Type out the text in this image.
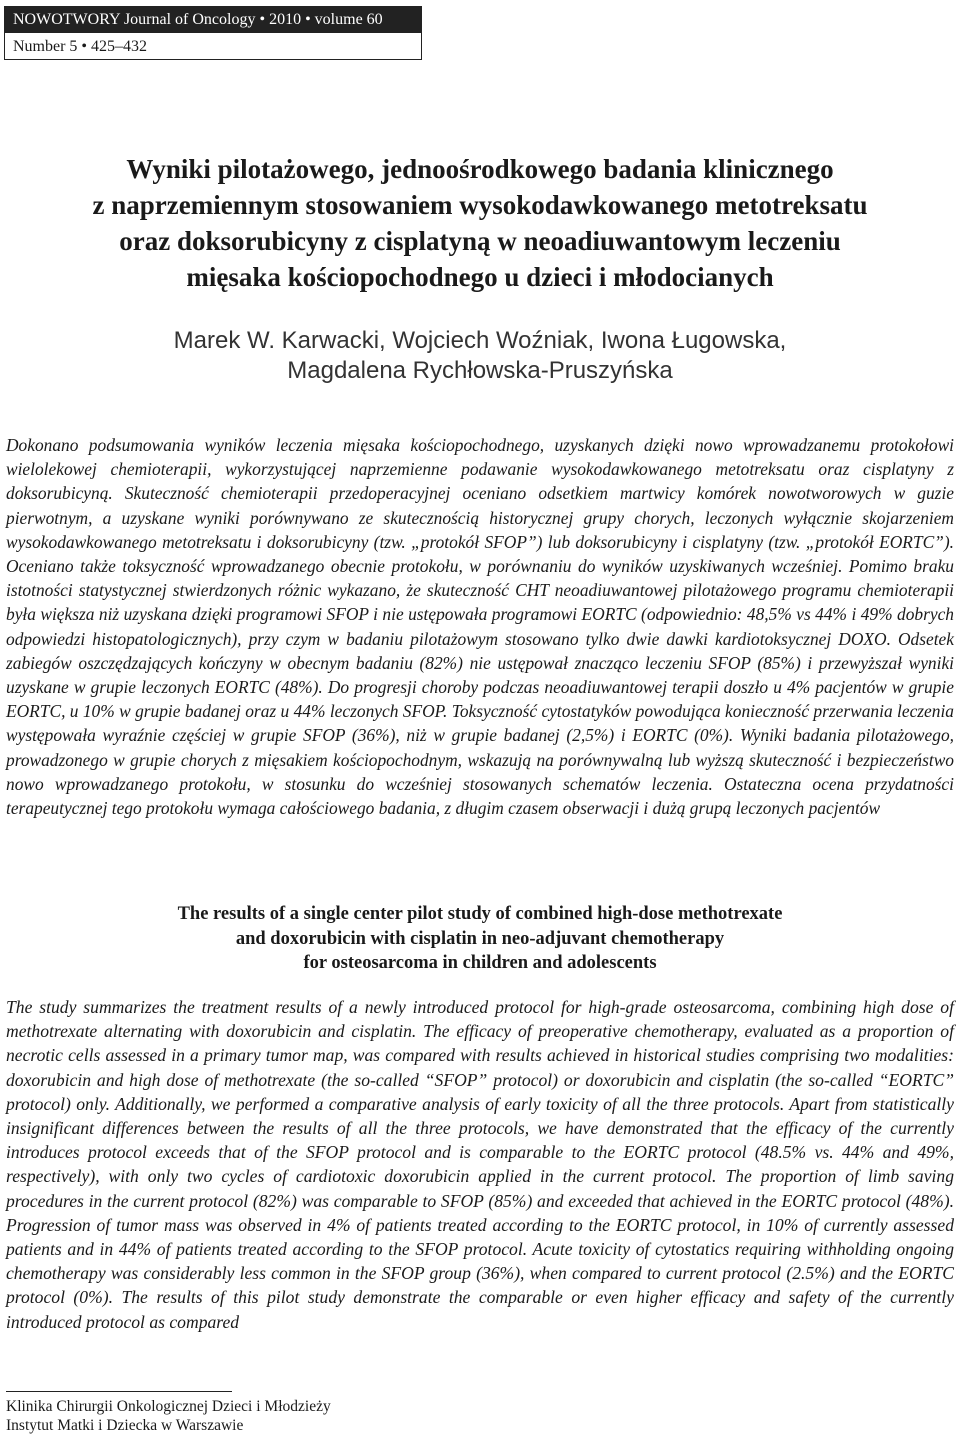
NOWOTWORY Journal of Oncology • 2010 • volume 60
Number 5 • 425–432
Wyniki pilotażowego, jednoośrodkowego badania klinicznego
z naprzemiennym stosowaniem wysokodawkowanego metotreksatu
oraz doksorubicyny z cisplatyną w neoadiuwantowym leczeniu
mięsaka kościopochodnego u dzieci i młodocianych
Marek W. Karwacki, Wojciech Woźniak, Iwona Ługowska,
Magdalena Rychłowska-Pruszyńska

Dokonano podsumowania wyników leczenia mięsaka kościopochodnego, uzyskanych dzięki nowo wprowadzanemu protokołowi wielolekowej chemioterapii, wykorzystującej naprzemienne podawanie wysokodawkowanego metotreksatu oraz cisplatyny z doksorubicyną. Skuteczność chemioterapii przedoperacyjnej oceniano odsetkiem martwicy komórek nowotworowych w guzie pierwotnym, a uzyskane wyniki porównywano ze skutecznością historycznej grupy chorych, leczonych wyłącznie skojarzeniem wysokodawkowanego metotreksatu i doksorubicyny (tzw. „protokół SFOP”) lub doksorubicyny i cisplatyny (tzw. „protokół EORTC”). Oceniano także toksyczność wprowadzanego obecnie protokołu, w porównaniu do wyników uzyskiwanych wcześniej. Pomimo braku istotności statystycznej stwierdzonych różnic wykazano, że skuteczność CHT neoadiuwantowej pilotażowego programu chemioterapii była większa niż uzyskana dzięki programowi SFOP i nie ustępowała programowi EORTC (odpowiednio: 48,5% vs 44% i 49% dobrych odpowiedzi histopatologicznych), przy czym w badaniu pilotażowym stosowano tylko dwie dawki kardiotoksycznej DOXO. Odsetek zabiegów oszczędzających kończyny w obecnym badaniu (82%) nie ustępował znacząco leczeniu SFOP (85%) i przewyższał wyniki uzyskane w grupie leczonych EORTC (48%). Do progresji choroby podczas neoadiuwantowej terapii doszło u 4% pacjentów w grupie EORTC, u 10% w grupie badanej oraz u 44% leczonych SFOP. Toksyczność cytostatyków powodująca konieczność przerwania leczenia występowała wyraźnie częściej w grupie SFOP (36%), niż w grupie badanej (2,5%) i EORTC (0%). Wyniki badania pilotażowego, prowadzonego w grupie chorych z mięsakiem kościopochodnym, wskazują na porównywalną lub wyższą skuteczność i bezpieczeństwo nowo wprowadzanego protokołu, w stosunku do wcześniej stosowanych schematów leczenia. Ostateczna ocena przydatności terapeutycznej tego protokołu wymaga całościowego badania, z długim czasem obserwacji i dużą grupą leczonych pacjentów

The results of a single center pilot study of combined high-dose methotrexate
and doxorubicin with cisplatin in neo-adjuvant chemotherapy
for osteosarcoma in children and adolescents

The study summarizes the treatment results of a newly introduced protocol for high-grade osteosarcoma, combining high dose of methotrexate alternating with doxorubicin and cisplatin. The efficacy of preoperative chemotherapy, evaluated as a proportion of necrotic cells assessed in a primary tumor map, was compared with results achieved in historical studies comprising two modalities: doxorubicin and high dose of methotrexate (the so-called “SFOP” protocol) or doxorubicin and cisplatin (the so-called “EORTC” protocol) only. Additionally, we performed a comparative analysis of early toxicity of all the three protocols. Apart from statistically insignificant differences between the results of all the three protocols, we have demonstrated that the efficacy of the currently introduces protocol exceeds that of the SFOP protocol and is comparable to the EORTC protocol (48.5% vs. 44% and 49%, respectively), with only two cycles of cardiotoxic doxorubicin applied in the current protocol. The proportion of limb saving procedures in the current protocol (82%) was comparable to SFOP (85%) and exceeded that achieved in the EORTC protocol (48%). Progression of tumor mass was observed in 4% of patients treated according to the EORTC protocol, in 10% of currently assessed patients and in 44% of patients treated according to the SFOP protocol. Acute toxicity of cytostatics requiring withholding ongoing chemotherapy was considerably less common in the SFOP group (36%), when compared to current protocol (2.5%) and the EORTC protocol (0%). The results of this pilot study demonstrate the comparable or even higher efficacy and safety of the currently introduced protocol as compared

Klinika Chirurgii Onkologicznej Dzieci i Młodzieży
Instytut Matki i Dziecka w Warszawie
